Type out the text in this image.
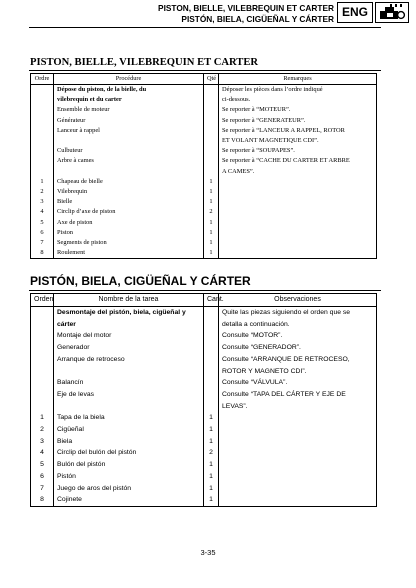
PISTON, BIELLE, VILEBREQUIN ET CARTER
PISTÓN, BIELA, CIGÜEÑAL Y CÁRTER ENG
PISTON, BIELLE, VILEBREQUIN ET CARTER
Ordre	Procédure	Qté	Remarques
	Dépose du piston, de la bielle, du		Déposer les pièces dans l’ordre indiqué
	vilebrequin et du carter		ci-dessous.
	Ensemble de moteur		Se reporter à “MOTEUR”.
	Générateur		Se reporter à “GENERATEUR”.
	Lanceur à rappel		Se reporter à “LANCEUR A RAPPEL, ROTOR
			ET VOLANT MAGNETIQUE CDI”.
	Culbuteur		Se reporter à “SOUPAPES”.
	Arbre à cames		Se reporter à “CACHE DU CARTER ET ARBRE
			A CAMES”.
1	Chapeau de bielle	1	
2	Vilebrequin	1	
3	Bielle	1	
4	Circlip d’axe de piston	2	
5	Axe de piston	1	
6	Piston	1	
7	Segments de piston	1	
8	Roulement	1	
PISTÓN, BIELA, CIGÜEÑAL Y CÁRTER
Orden	Nombre de la tarea	Cant.	Observaciones
	Desmontaje del pistón, biela, cigüeñal y		Quite las piezas siguiendo el orden que se
	cárter		detalla a continuación.
	Montaje del motor		Consulte “MOTOR”.
	Generador		Consulte “GENERADOR”.
	Arranque de retroceso		Consulte “ARRANQUE DE RETROCESO,
			ROTOR Y MAGNETO CDI”.
	Balancín		Consulte “VÁLVULA”.
	Eje de levas		Consulte “TAPA DEL CÁRTER Y EJE DE
			LEVAS”.
1	Tapa de la biela	1	
2	Cigüeñal	1	
3	Biela	1	
4	Circlip del bulón del pistón	2	
5	Bulón del pistón	1	
6	Pistón	1	
7	Juego de aros del pistón	1	
8	Cojinete	1	
3-35
